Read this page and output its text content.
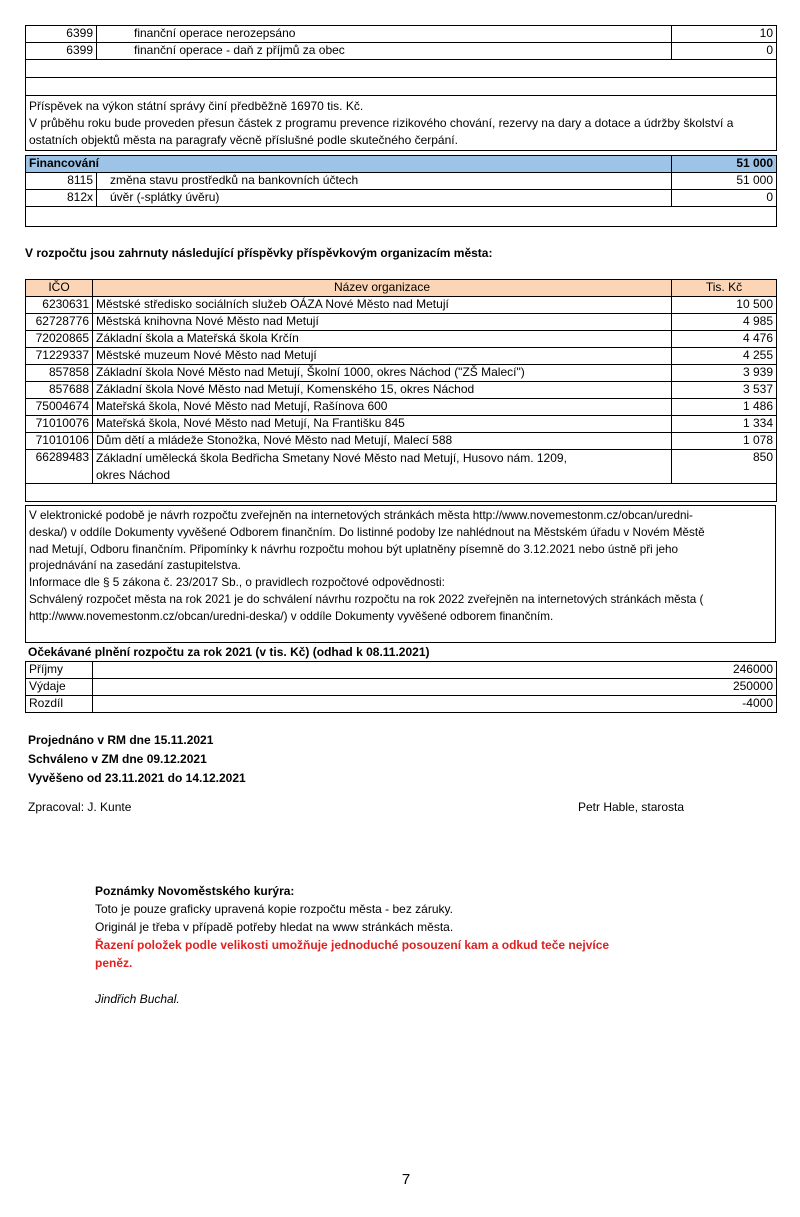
6399	finanční operace nerozepsáno	10
6399	finanční operace - daň z příjmů za obec	0

Příspěvek na výkon státní správy činí předběžně 16970 tis. Kč.
V průběhu roku bude proveden přesun částek z programu prevence rizikového chování, rezervy na dary a dotace a údržby školství a ostatních objektů města na paragrafy věcně příslušné podle skutečného čerpání.		
Financování		51 000
8115	změna stavu prostředků na bankovních účtech	51 000
812x	úvěr (-splátky úvěru)	0

V rozpočtu jsou zahrnuty následující příspěvky příspěvkovým organizacím města:
IČO	Název organizace	Tis. Kč
6230631	Městské středisko sociálních služeb OÁZA Nové Město nad Metují	10 500
62728776	Městská knihovna Nové Město nad Metují	4 985
72020865	Základní škola a Mateřská škola Krčín	4 476
71229337	Městské muzeum Nové Město nad Metují	4 255
857858	Základní škola Nové Město nad Metují, Školní 1000, okres Náchod ("ZŠ Malecí")	3 939
857688	Základní škola Nové Město nad Metují, Komenského 15, okres Náchod	3 537
75004674	Mateřská škola, Nové Město nad Metují, Rašínova 600	1 486
71010076	Mateřská škola, Nové Město nad Metují, Na Františku 845	1 334
71010106	Dům dětí a mládeže Stonožka, Nové Město nad Metují, Malecí 588	1 078
66289483	Základní umělecká škola Bedřicha Smetany Nové Město nad Metují, Husovo nám. 1209,
okres Náchod	850

V elektronické podobě je návrh rozpočtu zveřejněn na internetových stránkách města http://www.novemestonm.cz/obcan/uredni-
deska/) v oddíle Dokumenty vyvěšené Odborem finančním. Do listinné podoby lze nahlédnout na Městském úřadu v Novém Městě
nad Metují, Odboru finančním. Připomínky k návrhu rozpočtu mohou být uplatněny písemně do 3.12.2021 nebo ústně při jeho
projednávání na zasedání zastupitelstva.
Informace dle § 5 zákona č. 23/2017 Sb., o pravidlech rozpočtové odpovědnosti:
Schválený rozpočet města na rok 2021 je do schválení návrhu rozpočtu na rok 2022 zveřejněn na internetových stránkách města (
http://www.novemestonm.cz/obcan/uredni-deska/) v oddíle Dokumenty vyvěšené odborem finančním.
Očekávané plnění rozpočtu za rok 2021 (v tis. Kč) (odhad k 08.11.2021)
Příjmy	246000
Výdaje	250000
Rozdíl	-4000
Projednáno v RM dne 15.11.2021
Schváleno v ZM dne 09.12.2021
Vyvěšeno od 23.11.2021 do 14.12.2021
Zpracoval: J. Kunte	Petr Hable, starosta
Poznámky Novoměstského kurýra:
Toto je pouze graficky upravená kopie rozpočtu města - bez záruky.
Originál je třeba v případě potřeby hledat na www stránkách města.
Řazení položek podle velikosti umožňuje jednoduché posouzení kam a odkud teče nejvíce
peněz.
Jindřich Buchal.
7
